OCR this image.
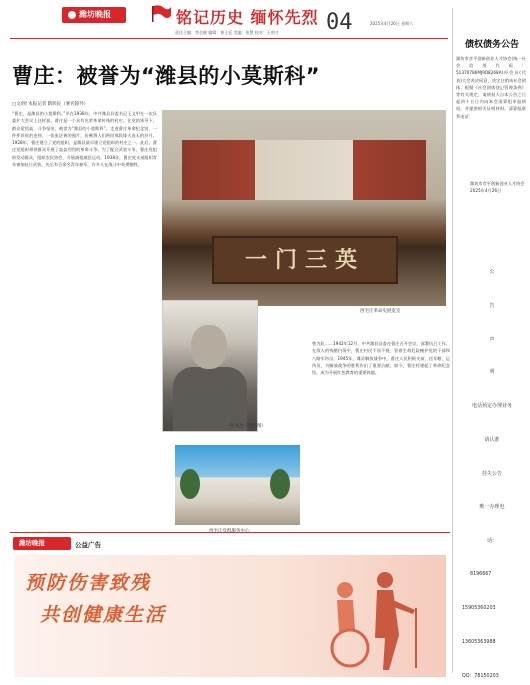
潍坊晚报	铭记历史 缅怀先烈 04	2025年4月26日 星期六
责任主编：李会颐 编辑：黄士廷 美编：张慧 校对：王明才
曹庄：被誉为“潍县的小莫斯科”
□文/图 本报记者 隋炜民（署名除外）
“曹庄，是潍县的小莫斯科。”早在1938年，中共潍县县委书记王文甲在一次县委扩大会议上这样说。曹庄是一个具有光荣革命传统的村庄。在党的领导下，群众觉悟高，斗争坚决，被誉为“潍县的小莫斯科”。走进曹庄革命纪念馆，一件件珍贵的史料、一张张泛黄的照片，仿佛将人们带回那段烽火连天的岁月。1928年，曹庄建立了党的组织，是潍县最早建立党组织的村庄之一。此后，曹庄党组织带领群众开展了轰轰烈烈的革命斗争。为了配合武装斗争，曹庄党组织发动群众，组织农民协会，开展减租减息运动。1938年，曹庄党支部组织青年参加抗日武装，先后有百余名青年参军，许多人在战斗中英勇牺牲。
一门三英
西宅庄革命史展览室
阿风治（资料图）
曾为此……1942年12月，中共潍县县委在曹庄召开会议，部署抗日工作。在敌人的残酷扫荡中，曹庄村民不屈不挠，冒着生命危险掩护党的干部和八路军伤员。1945年，潍县解放战争中，曹庄人民积极支前，送军粮、运伤员，为解放战争的胜利作出了重要贡献。如今，曹庄村建起了革命纪念馆，成为开展红色教育的重要阵地。
债权债务公告
潍坊市彦平创新创业人才协会(统一社会信用代码：51370786MJ9D8268A)经会员(代表)大会表决同意，决定注销该社会团体，根据《社会团体登记管理条例》等有关规定，请债权人自本公告之日起四十五日内向本会清算组申报债权，并提供相关证明材料。清算组联系电话：
潍坊市彦平创新创业人才协会
2025年4月26日
公
告
声
明
电话预定办理业务
请认准
挂失公告
唯一办理电
话：
8196667
15905360203
13605363988
QQ：78150203
潍坊晚报	公益广告
预防伤害致残
共创健康生活
